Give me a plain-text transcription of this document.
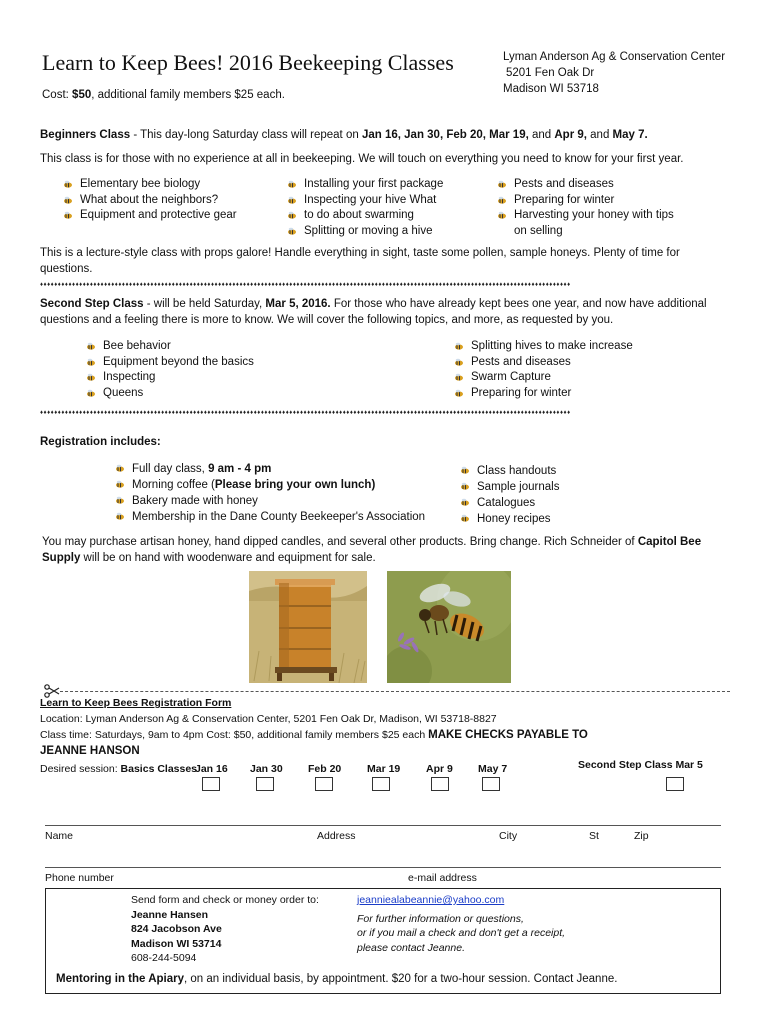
Learn to Keep Bees! 2016 Beekeeping Classes
Cost: $50, additional family members $25 each.
Lyman Anderson Ag & Conservation Center
5201 Fen Oak Dr
Madison WI 53718
Beginners Class - This day-long Saturday class will repeat on Jan 16, Jan 30, Feb 20, Mar 19, and Apr 9, and May 7.
This class is for those with no experience at all in beekeeping. We will touch on everything you need to know for your first year.
Elementary bee biology
What about the neighbors?
Equipment and protective gear
Installing your first package
Inspecting your hive What
to do about swarming
Splitting or moving a hive
Pests and diseases
Preparing for winter
Harvesting your honey with tips
on selling
This is a lecture-style class with props galore! Handle everything in sight, taste some pollen, sample honeys. Plenty of time for
questions.
♦♦♦♦♦♦♦♦♦♦♦♦♦♦♦♦♦♦♦♦♦♦♦♦♦♦♦♦♦♦♦♦♦♦♦♦♦♦♦♦♦♦♦♦♦♦♦♦♦♦♦♦♦♦♦♦♦♦♦♦♦♦♦♦♦♦♦♦♦♦♦♦♦♦♦♦♦♦♦♦♦♦♦♦♦♦♦♦♦♦♦♦♦♦♦♦♦♦♦♦♦♦♦♦♦♦♦♦♦♦♦♦♦♦♦♦♦♦♦♦♦♦♦♦♦♦♦♦♦♦♦♦♦♦♦♦♦♦♦♦♦♦♦♦♦♦♦♦♦
Second Step Class - will be held Saturday, Mar 5, 2016. For those who have already kept bees one year, and now have additional
questions and a feeling there is more to know. We will cover the following topics, and more, as requested by you.
Bee behavior
Equipment beyond the basics
Inspecting
Queens
Splitting hives to make increase
Pests and diseases
Swarm Capture
Preparing for winter
♦♦♦♦♦♦♦♦♦♦♦♦♦♦♦♦♦♦♦♦♦♦♦♦♦♦♦♦♦♦♦♦♦♦♦♦♦♦♦♦♦♦♦♦♦♦♦♦♦♦♦♦♦♦♦♦♦♦♦♦♦♦♦♦♦♦♦♦♦♦♦♦♦♦♦♦♦♦♦♦♦♦♦♦♦♦♦♦♦♦♦♦♦♦♦♦♦♦♦♦♦♦♦♦♦♦♦♦♦♦♦♦♦♦♦♦♦♦♦♦♦♦♦♦♦♦♦♦♦♦♦♦♦♦♦♦♦♦♦♦♦♦♦♦♦♦♦♦♦
Registration includes:
Full day class, 9 am - 4 pm
Morning coffee (Please bring your own lunch)
Bakery made with honey
Membership in the Dane County Beekeeper's Association
Class handouts
Sample journals
Catalogues
Honey recipes
You may purchase artisan honey, hand dipped candles, and several other products. Bring change. Rich Schneider of Capitol Bee
Supply will be on hand with woodenware and equipment for sale.
Learn to Keep Bees Registration Form
Location: Lyman Anderson Ag & Conservation Center, 5201 Fen Oak Dr, Madison, WI 53718-8827
Class time: Saturdays, 9am to 4pm Cost: $50, additional family members $25 each MAKE CHECKS PAYABLE TO
JEANNE HANSON
Desired session: Basics Classes
Jan 16 Jan 30 Feb 20 Mar 19 Apr 9 May 7	Second Step Class Mar 5
Name	Address	City	St	Zip
Phone number	e-mail address
Send form and check or money order to:
Jeanne Hansen
824 Jacobson Ave
Madison WI 53714
608-244-5094
jeanniealabeannie@yahoo.com
For further information or questions,
or if you mail a check and don't get a receipt,
please contact Jeanne.
Mentoring in the Apiary, on an individual basis, by appointment. $20 for a two-hour session. Contact Jeanne.
